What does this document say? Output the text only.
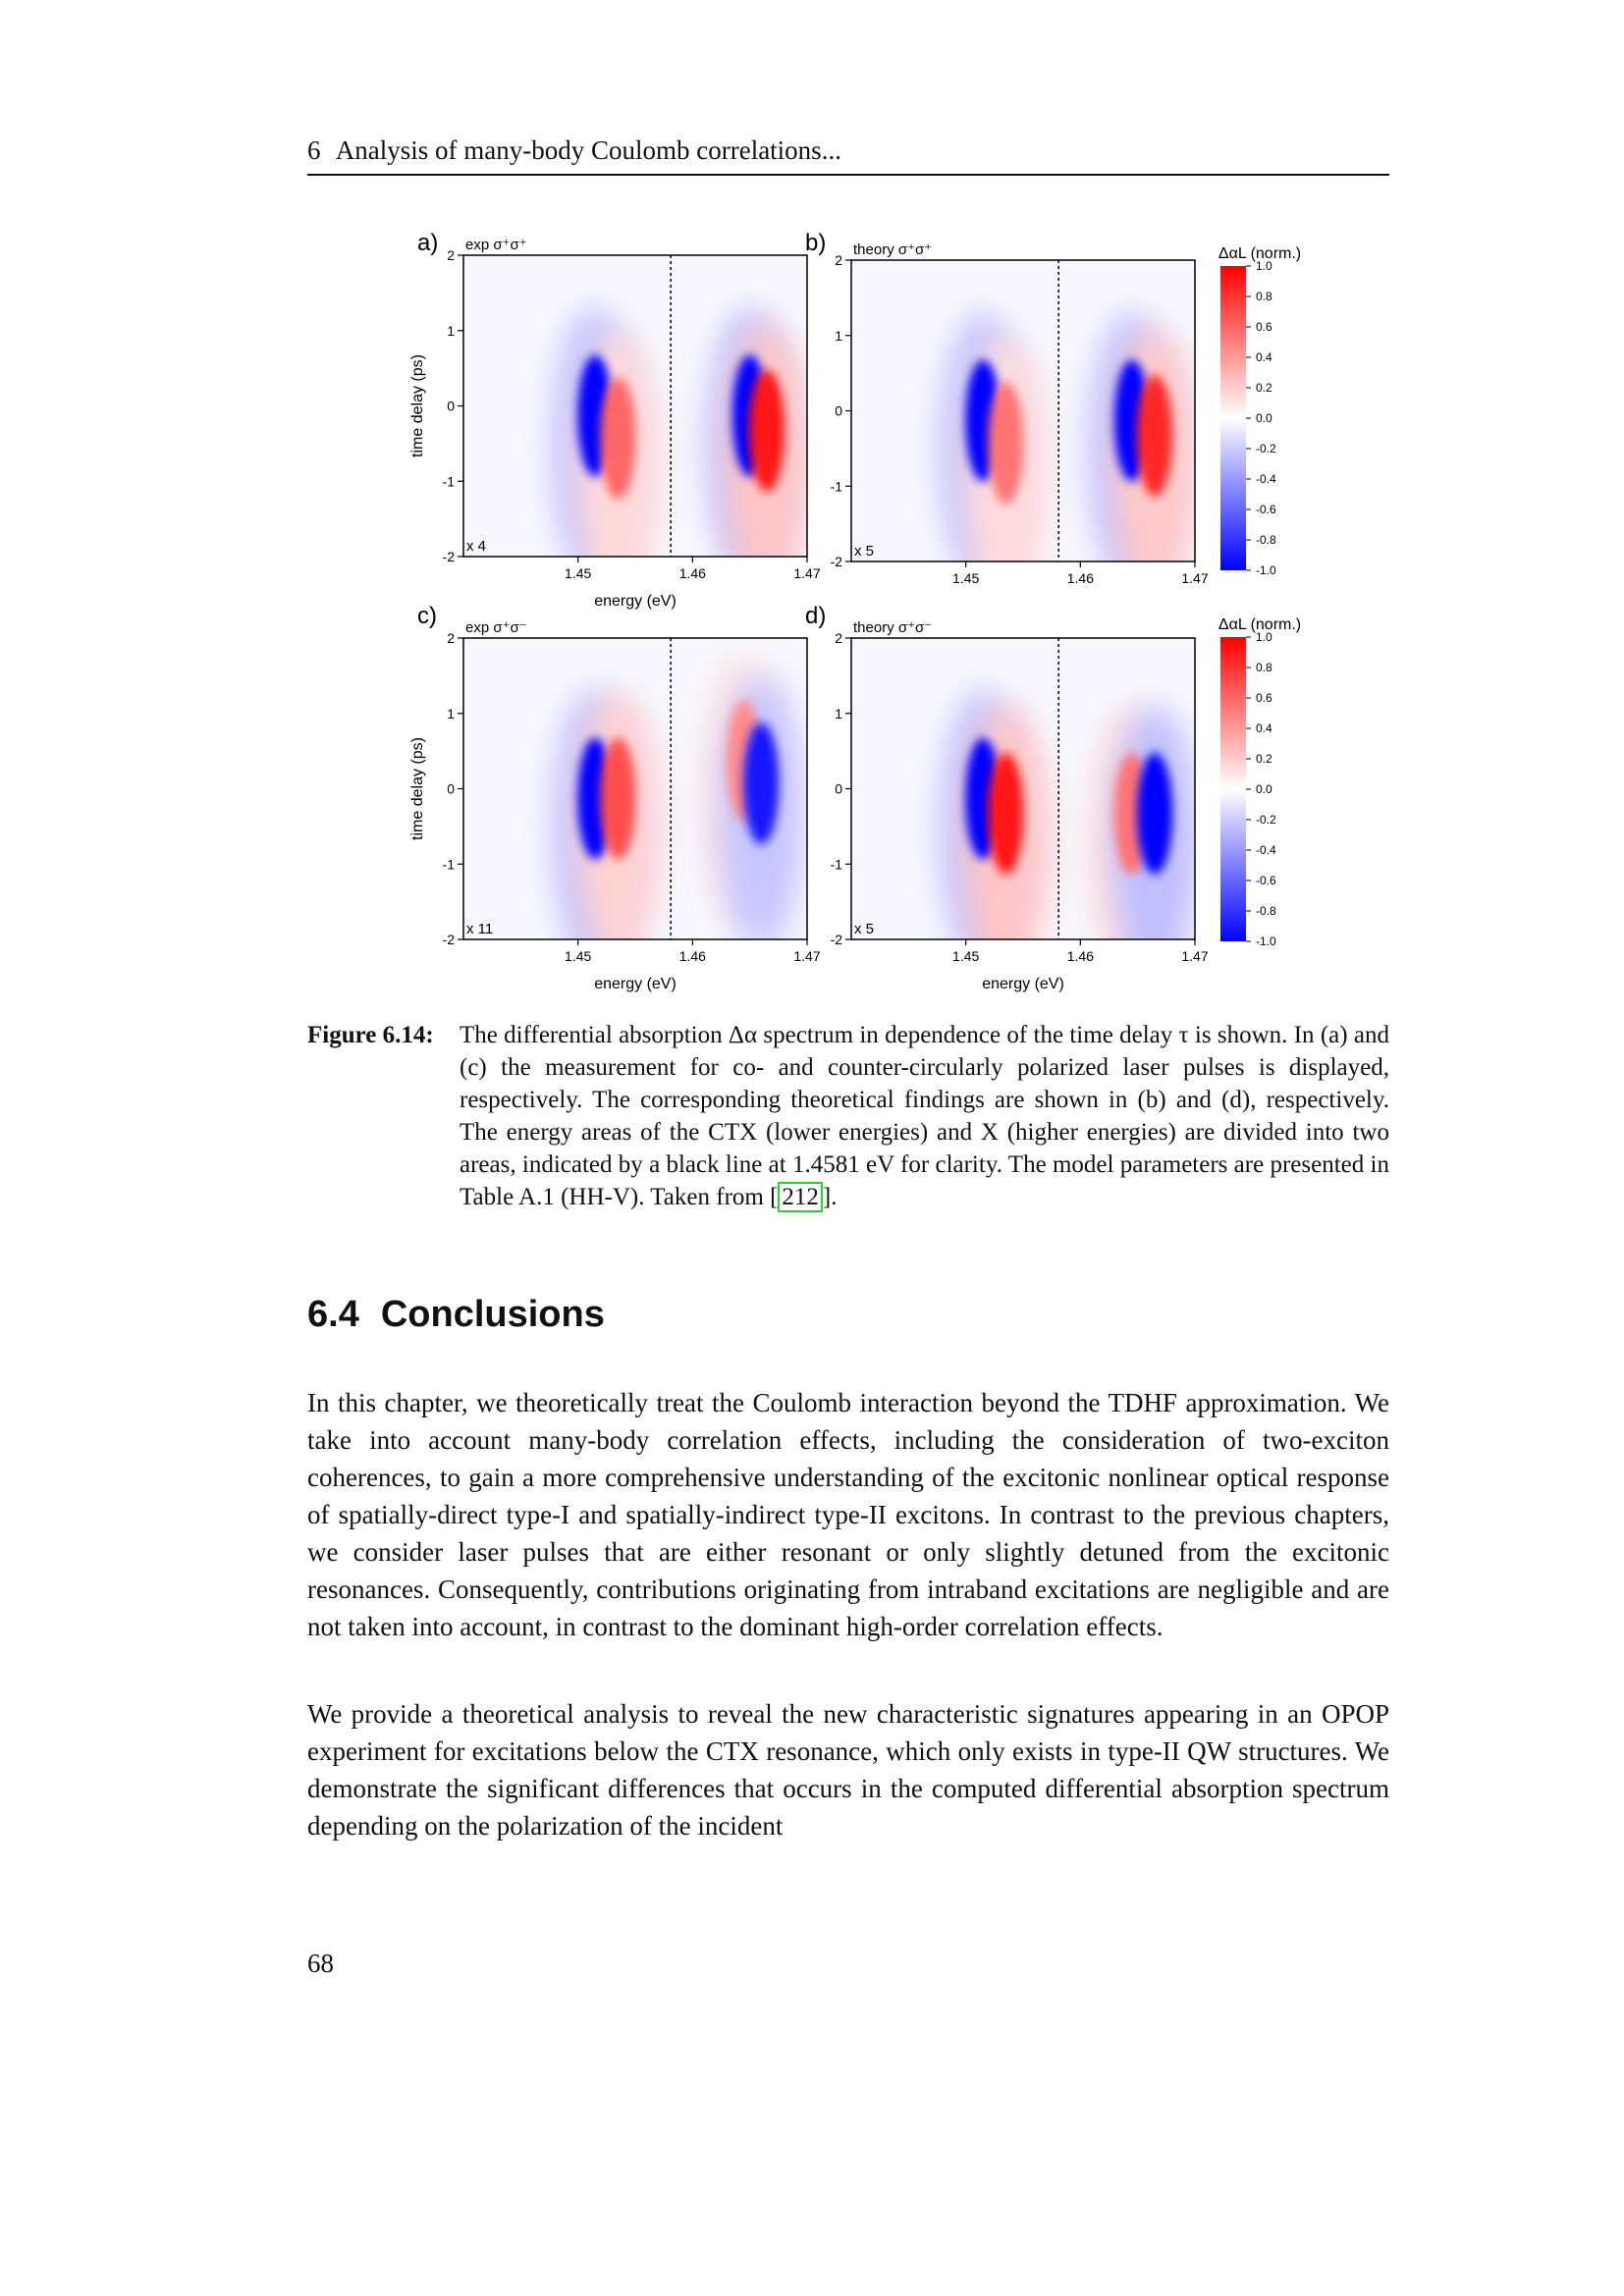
6 Analysis of many-body Coulomb correlations...
a) exp σ⁺σ⁺
x 4
2
1
0
-1
-2
1.45	1.46	1.47
energy (eV)
time delay (ps)
b) theory σ⁺σ⁺
x 5
2
1
0
-1
-2
1.45	1.46	1.47
c) exp σ⁺σ⁻
x 11
2
1
0
-1
-2
1.45	1.46	1.47
energy (eV)
time delay (ps)
d) theory σ⁺σ⁻
x 5
2
1
0
-1
-2
1.45	1.46	1.47
energy (eV)
ΔαL (norm.)
1.0
0.8
0.6
0.4
0.2
0.0
-0.2
-0.4
-0.6
-0.8
-1.0
ΔαL (norm.)
1.0
0.8
0.6
0.4
0.2
0.0
-0.2
-0.4
-0.6
-0.8
-1.0
Figure 6.14:	The differential absorption Δα spectrum in dependence of the time delay τ is shown. In (a) and (c) the measurement for co- and counter-circularly polarized laser pulses is displayed, respectively. The corresponding theoretical findings are shown in (b) and (d), respectively. The energy areas of the CTX (lower energies) and X (higher energies) are divided into two areas, indicated by a black line at 1.4581 eV for clarity. The model parameters are presented in Table A.1 (HH-V). Taken from [ 212 ].
6.4 Conclusions

In this chapter, we theoretically treat the Coulomb interaction beyond the TDHF approximation. We take into account many-body correlation effects, including the consideration of two-exciton coherences, to gain a more comprehensive understanding of the excitonic nonlinear optical response of spatially-direct type-I and spatially-indirect type-II excitons. In contrast to the previous chapters, we consider laser pulses that are either resonant or only slightly detuned from the excitonic resonances. Consequently, contributions originating from intraband excitations are negligible and are not taken into account, in contrast to the dominant high-order correlation effects.

We provide a theoretical analysis to reveal the new characteristic signatures appearing in an OPOP experiment for excitations below the CTX resonance, which only exists in type-II QW structures. We demonstrate the significant differences that occurs in the computed differential absorption spectrum depending on the polarization of the incident

68
